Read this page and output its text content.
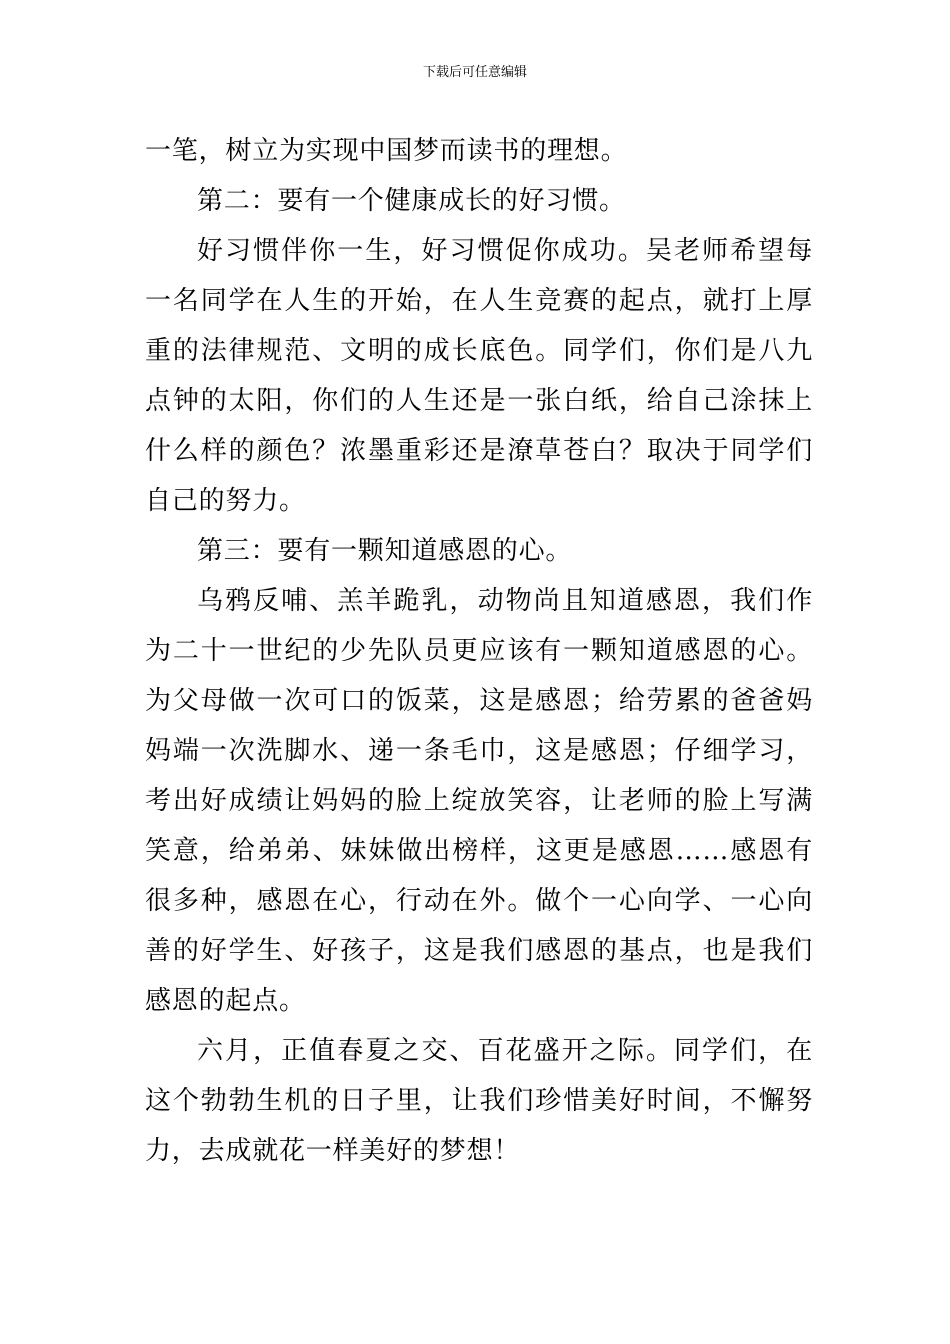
下载后可任意编辑

一笔，树立为实现中国梦而读书的理想。

第二：要有一个健康成长的好习惯。

好习惯伴你一生，好习惯促你成功。吴老师希望每一名同学在人生的开始，在人生竞赛的起点，就打上厚重的法律规范、文明的成长底色。同学们，你们是八九点钟的太阳，你们的人生还是一张白纸，给自己涂抹上什么样的颜色？浓墨重彩还是潦草苍白？取决于同学们自己的努力。

第三：要有一颗知道感恩的心。

乌鸦反哺、羔羊跪乳，动物尚且知道感恩，我们作为二十一世纪的少先队员更应该有一颗知道感恩的心。为父母做一次可口的饭菜，这是感恩；给劳累的爸爸妈妈端一次洗脚水、递一条毛巾，这是感恩；仔细学习，考出好成绩让妈妈的脸上绽放笑容，让老师的脸上写满笑意，给弟弟、妹妹做出榜样，这更是感恩……感恩有很多种，感恩在心，行动在外。做个一心向学、一心向善的好学生、好孩子，这是我们感恩的基点，也是我们感恩的起点。

六月，正值春夏之交、百花盛开之际。同学们，在这个勃勃生机的日子里，让我们珍惜美好时间，不懈努力，去成就花一样美好的梦想！
